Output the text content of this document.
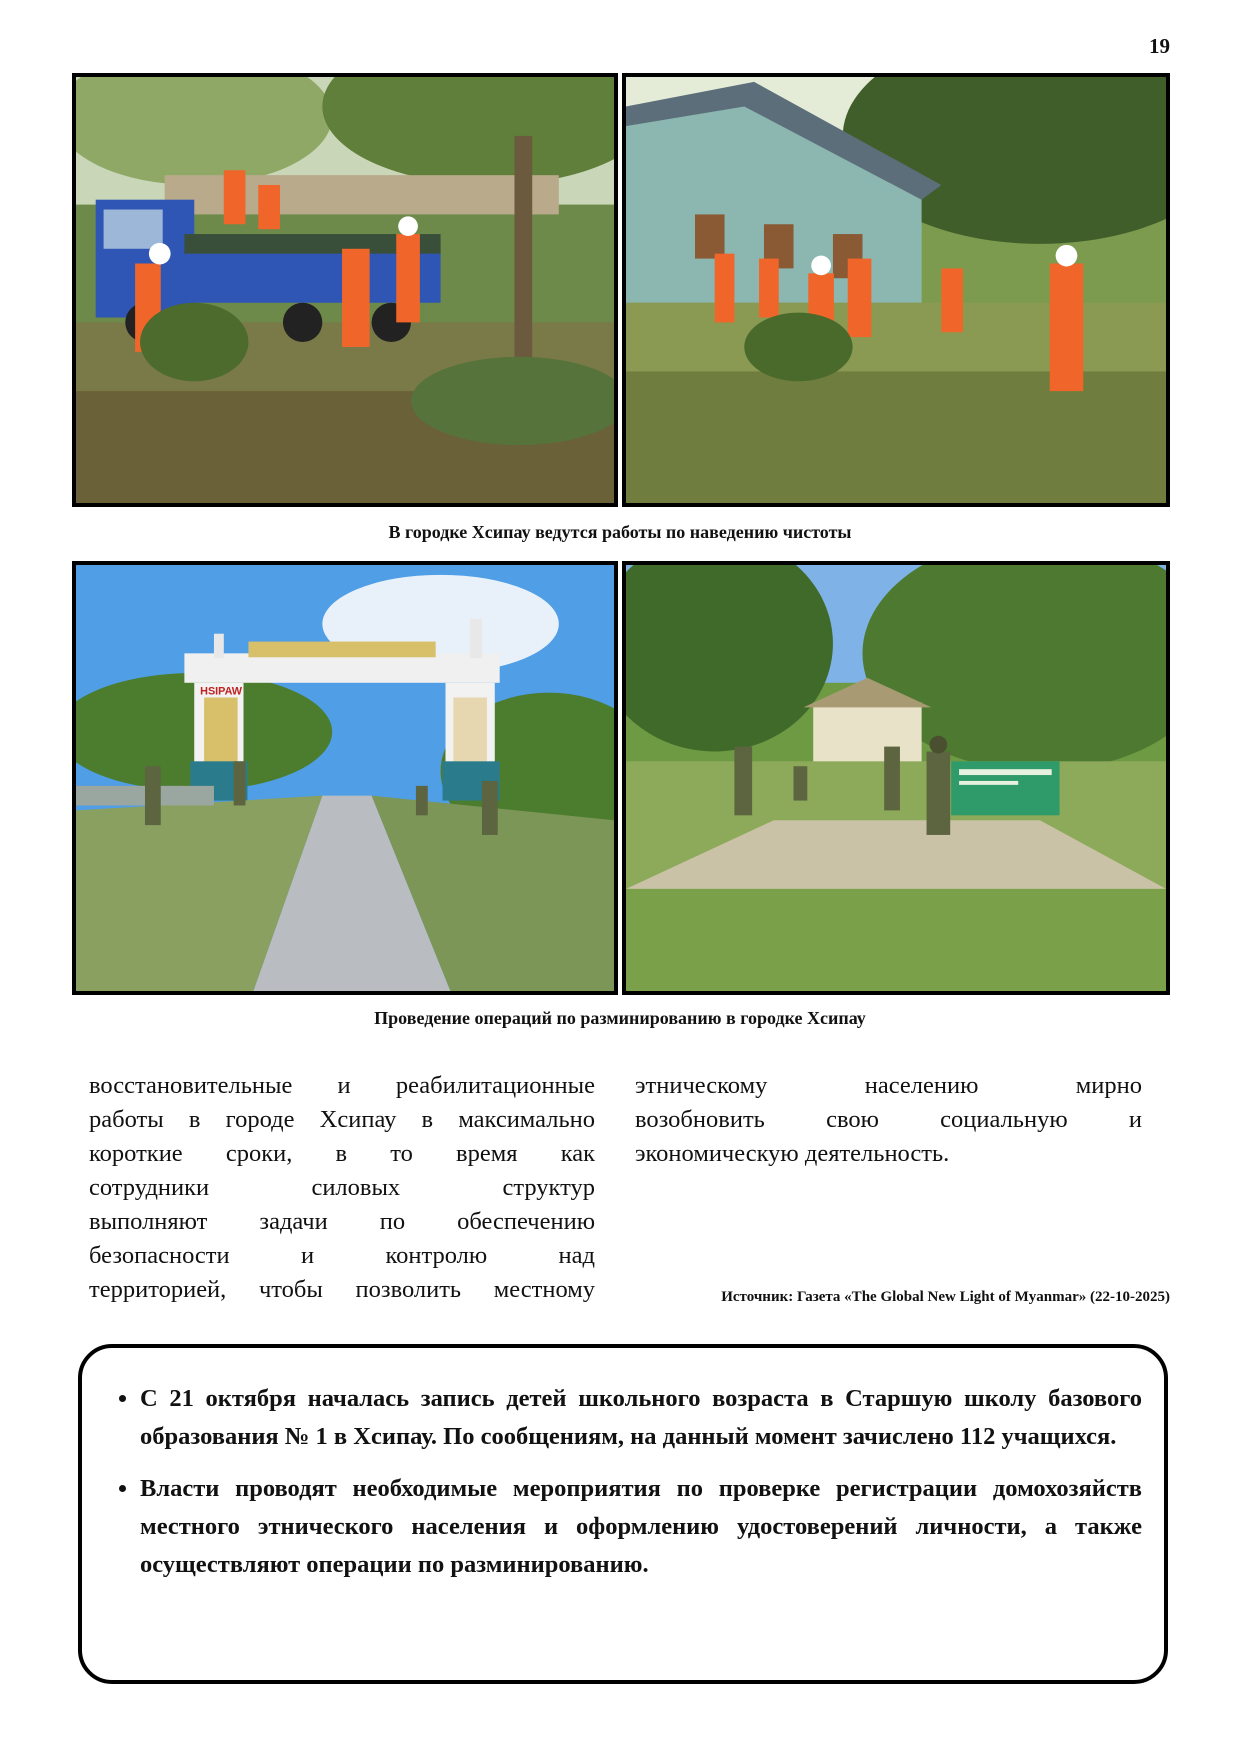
19
В городке Хсипау ведутся работы по наведению чистоты
HSIPAW
Проведение операций по разминированию в городке Хсипау
восстановительные и реабилитационные
работы в городе Хсипау в максимально
короткие сроки, в то время как
сотрудники силовых структур
выполняют задачи по обеспечению
безопасности и контролю над
территорией, чтобы позволить местному
этническому населению мирно
возобновить свою социальную и
экономическую деятельность.
Источник: Газета «The Global New Light of Myanmar» (22-10-2025)
• С 21 октября началась запись детей школьного возраста в Старшую школу базового образования № 1 в Хсипау. По сообщениям, на данный момент зачислено 112 учащихся.
• Власти проводят необходимые мероприятия по проверке регистрации домохозяйств местного этнического населения и оформлению удостоверений личности, а также осуществляют операции по разминированию.
